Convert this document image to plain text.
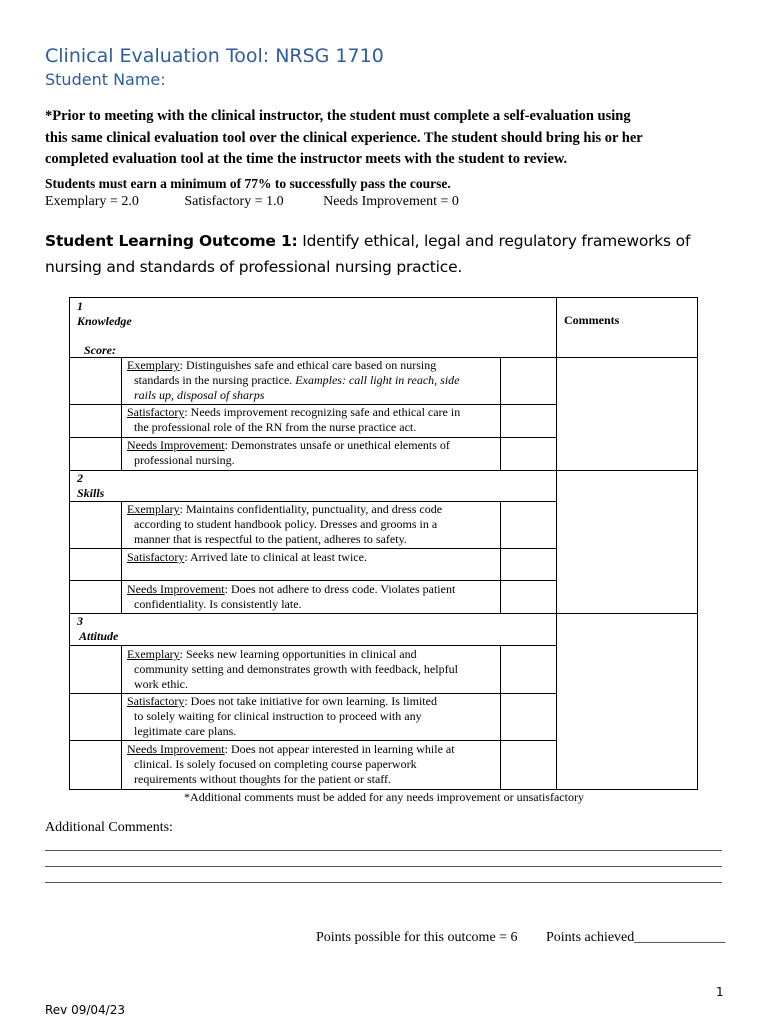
Clinical Evaluation Tool: NRSG 1710
Student Name:
*Prior to meeting with the clinical instructor, the student must complete a self-evaluation using
this same clinical evaluation tool over the clinical experience. The student should bring his or her
completed evaluation tool at the time the instructor meets with the student to review.
Students must earn a minimum of 77% to successfully pass the course.
Exemplary = 2.0	Satisfactory = 1.0	Needs Improvement = 0
Student Learning Outcome 1: Identify ethical, legal and regulatory frameworks of nursing and standards of professional nursing practice.
1
Knowledge
Score:
Comments
Exemplary: Distinguishes safe and ethical care based on nursing
standards in the nursing practice. Examples: call light in reach, side
rails up, disposal of sharps
Satisfactory: Needs improvement recognizing safe and ethical care in
the professional role of the RN from the nurse practice act.
Needs Improvement: Demonstrates unsafe or unethical elements of
professional nursing.
2
Skills
Exemplary: Maintains confidentiality, punctuality, and dress code
according to student handbook policy. Dresses and grooms in a
manner that is respectful to the patient, adheres to safety.
Satisfactory: Arrived late to clinical at least twice.
Needs Improvement: Does not adhere to dress code. Violates patient
confidentiality. Is consistently late.
3
Attitude
Exemplary: Seeks new learning opportunities in clinical and
community setting and demonstrates growth with feedback, helpful
work ethic.
Satisfactory: Does not take initiative for own learning. Is limited
to solely waiting for clinical instruction to proceed with any
legitimate care plans.
Needs Improvement: Does not appear interested in learning while at
clinical. Is solely focused on completing course paperwork
requirements without thoughts for the patient or staff.
*Additional comments must be added for any needs improvement or unsatisfactory
Additional Comments:
Points possible for this outcome = 6 Points achieved_____________
1
Rev 09/04/23
